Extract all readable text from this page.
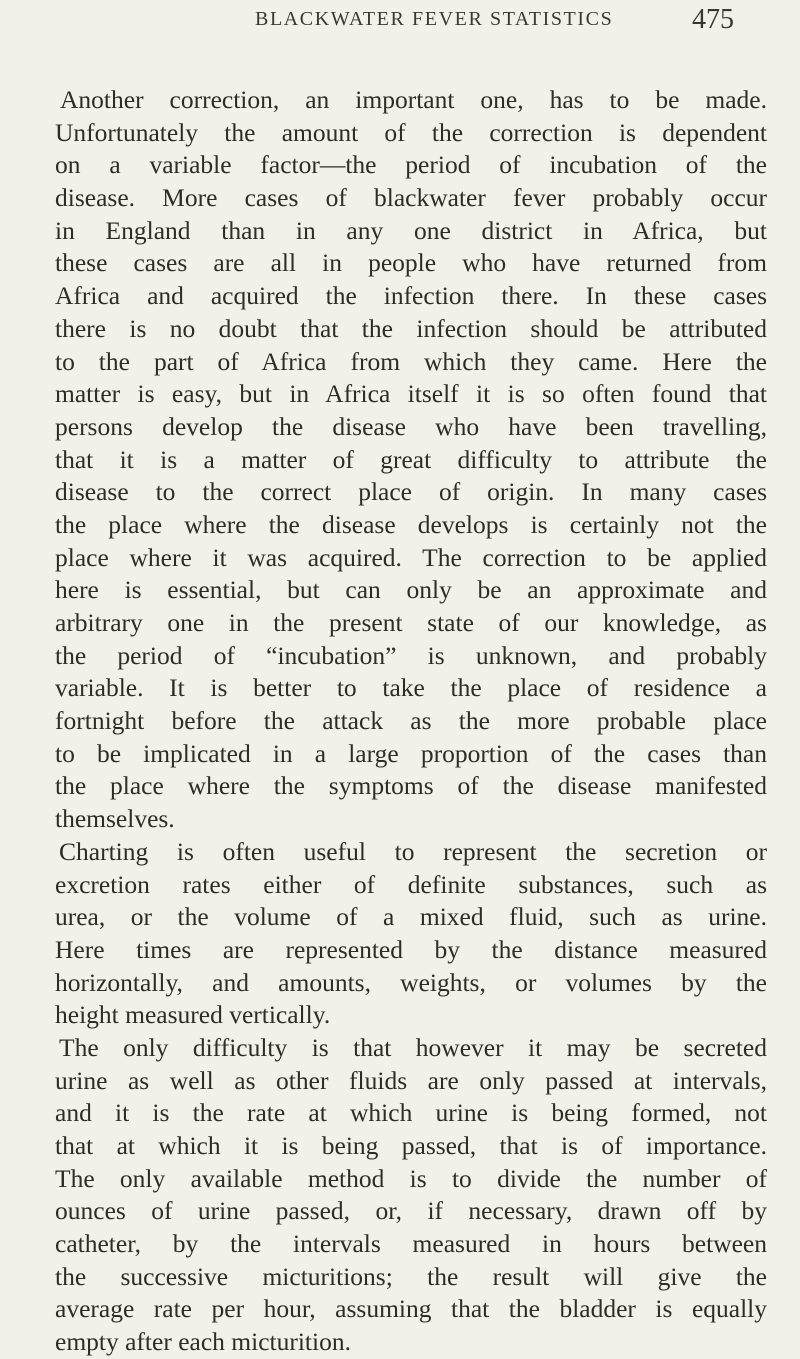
BLACKWATER FEVER STATISTICS	475
Another correction, an important one, has to be made.
Unfortunately the amount of the correction is dependent
on a variable factor—the period of incubation of the
disease. More cases of blackwater fever probably occur
in England than in any one district in Africa, but
these cases are all in people who have returned from
Africa and acquired the infection there. In these cases
there is no doubt that the infection should be attributed
to the part of Africa from which they came. Here the
matter is easy, but in Africa itself it is so often found that
persons develop the disease who have been travelling,
that it is a matter of great difficulty to attribute the
disease to the correct place of origin. In many cases
the place where the disease develops is certainly not the
place where it was acquired. The correction to be applied
here is essential, but can only be an approximate and
arbitrary one in the present state of our knowledge, as
the period of “incubation” is unknown, and probably
variable. It is better to take the place of residence a
fortnight before the attack as the more probable place
to be implicated in a large proportion of the cases than
the place where the symptoms of the disease manifested
themselves.
Charting is often useful to represent the secretion or
excretion rates either of definite substances, such as
urea, or the volume of a mixed fluid, such as urine.
Here times are represented by the distance measured
horizontally, and amounts, weights, or volumes by the
height measured vertically.
The only difficulty is that however it may be secreted
urine as well as other fluids are only passed at intervals,
and it is the rate at which urine is being formed, not
that at which it is being passed, that is of importance.
The only available method is to divide the number of
ounces of urine passed, or, if necessary, drawn off by
catheter, by the intervals measured in hours between
the successive micturitions; the result will give the
average rate per hour, assuming that the bladder is equally
empty after each micturition.
